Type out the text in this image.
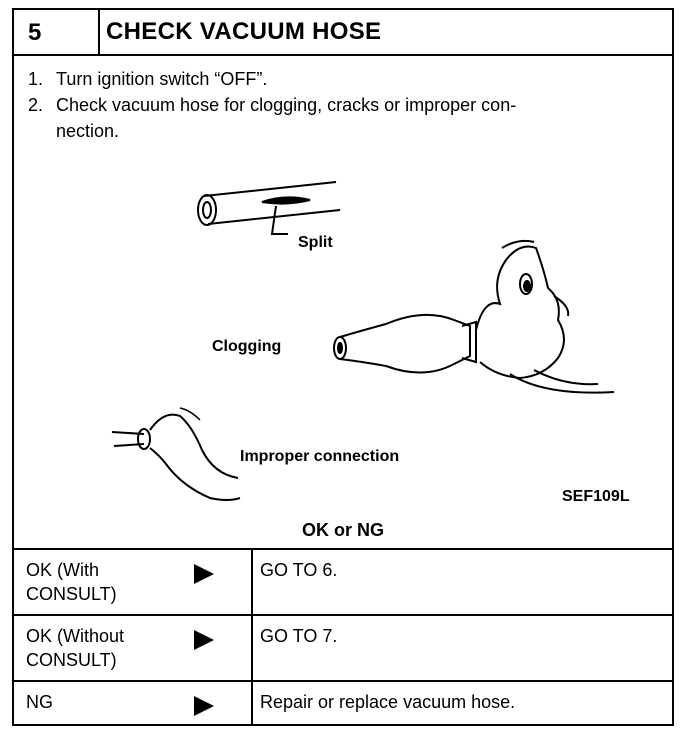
5	CHECK VACUUM HOSE
1. Turn ignition switch “OFF”.
2. Check vacuum hose for clogging, cracks or improper con-
nection.
Split
Clogging
Improper connection
SEF109L
OK or NG
OK (With
CONSULT)
GO TO 6.
OK (Without
CONSULT)
GO TO 7.
NG	Repair or replace vacuum hose.
